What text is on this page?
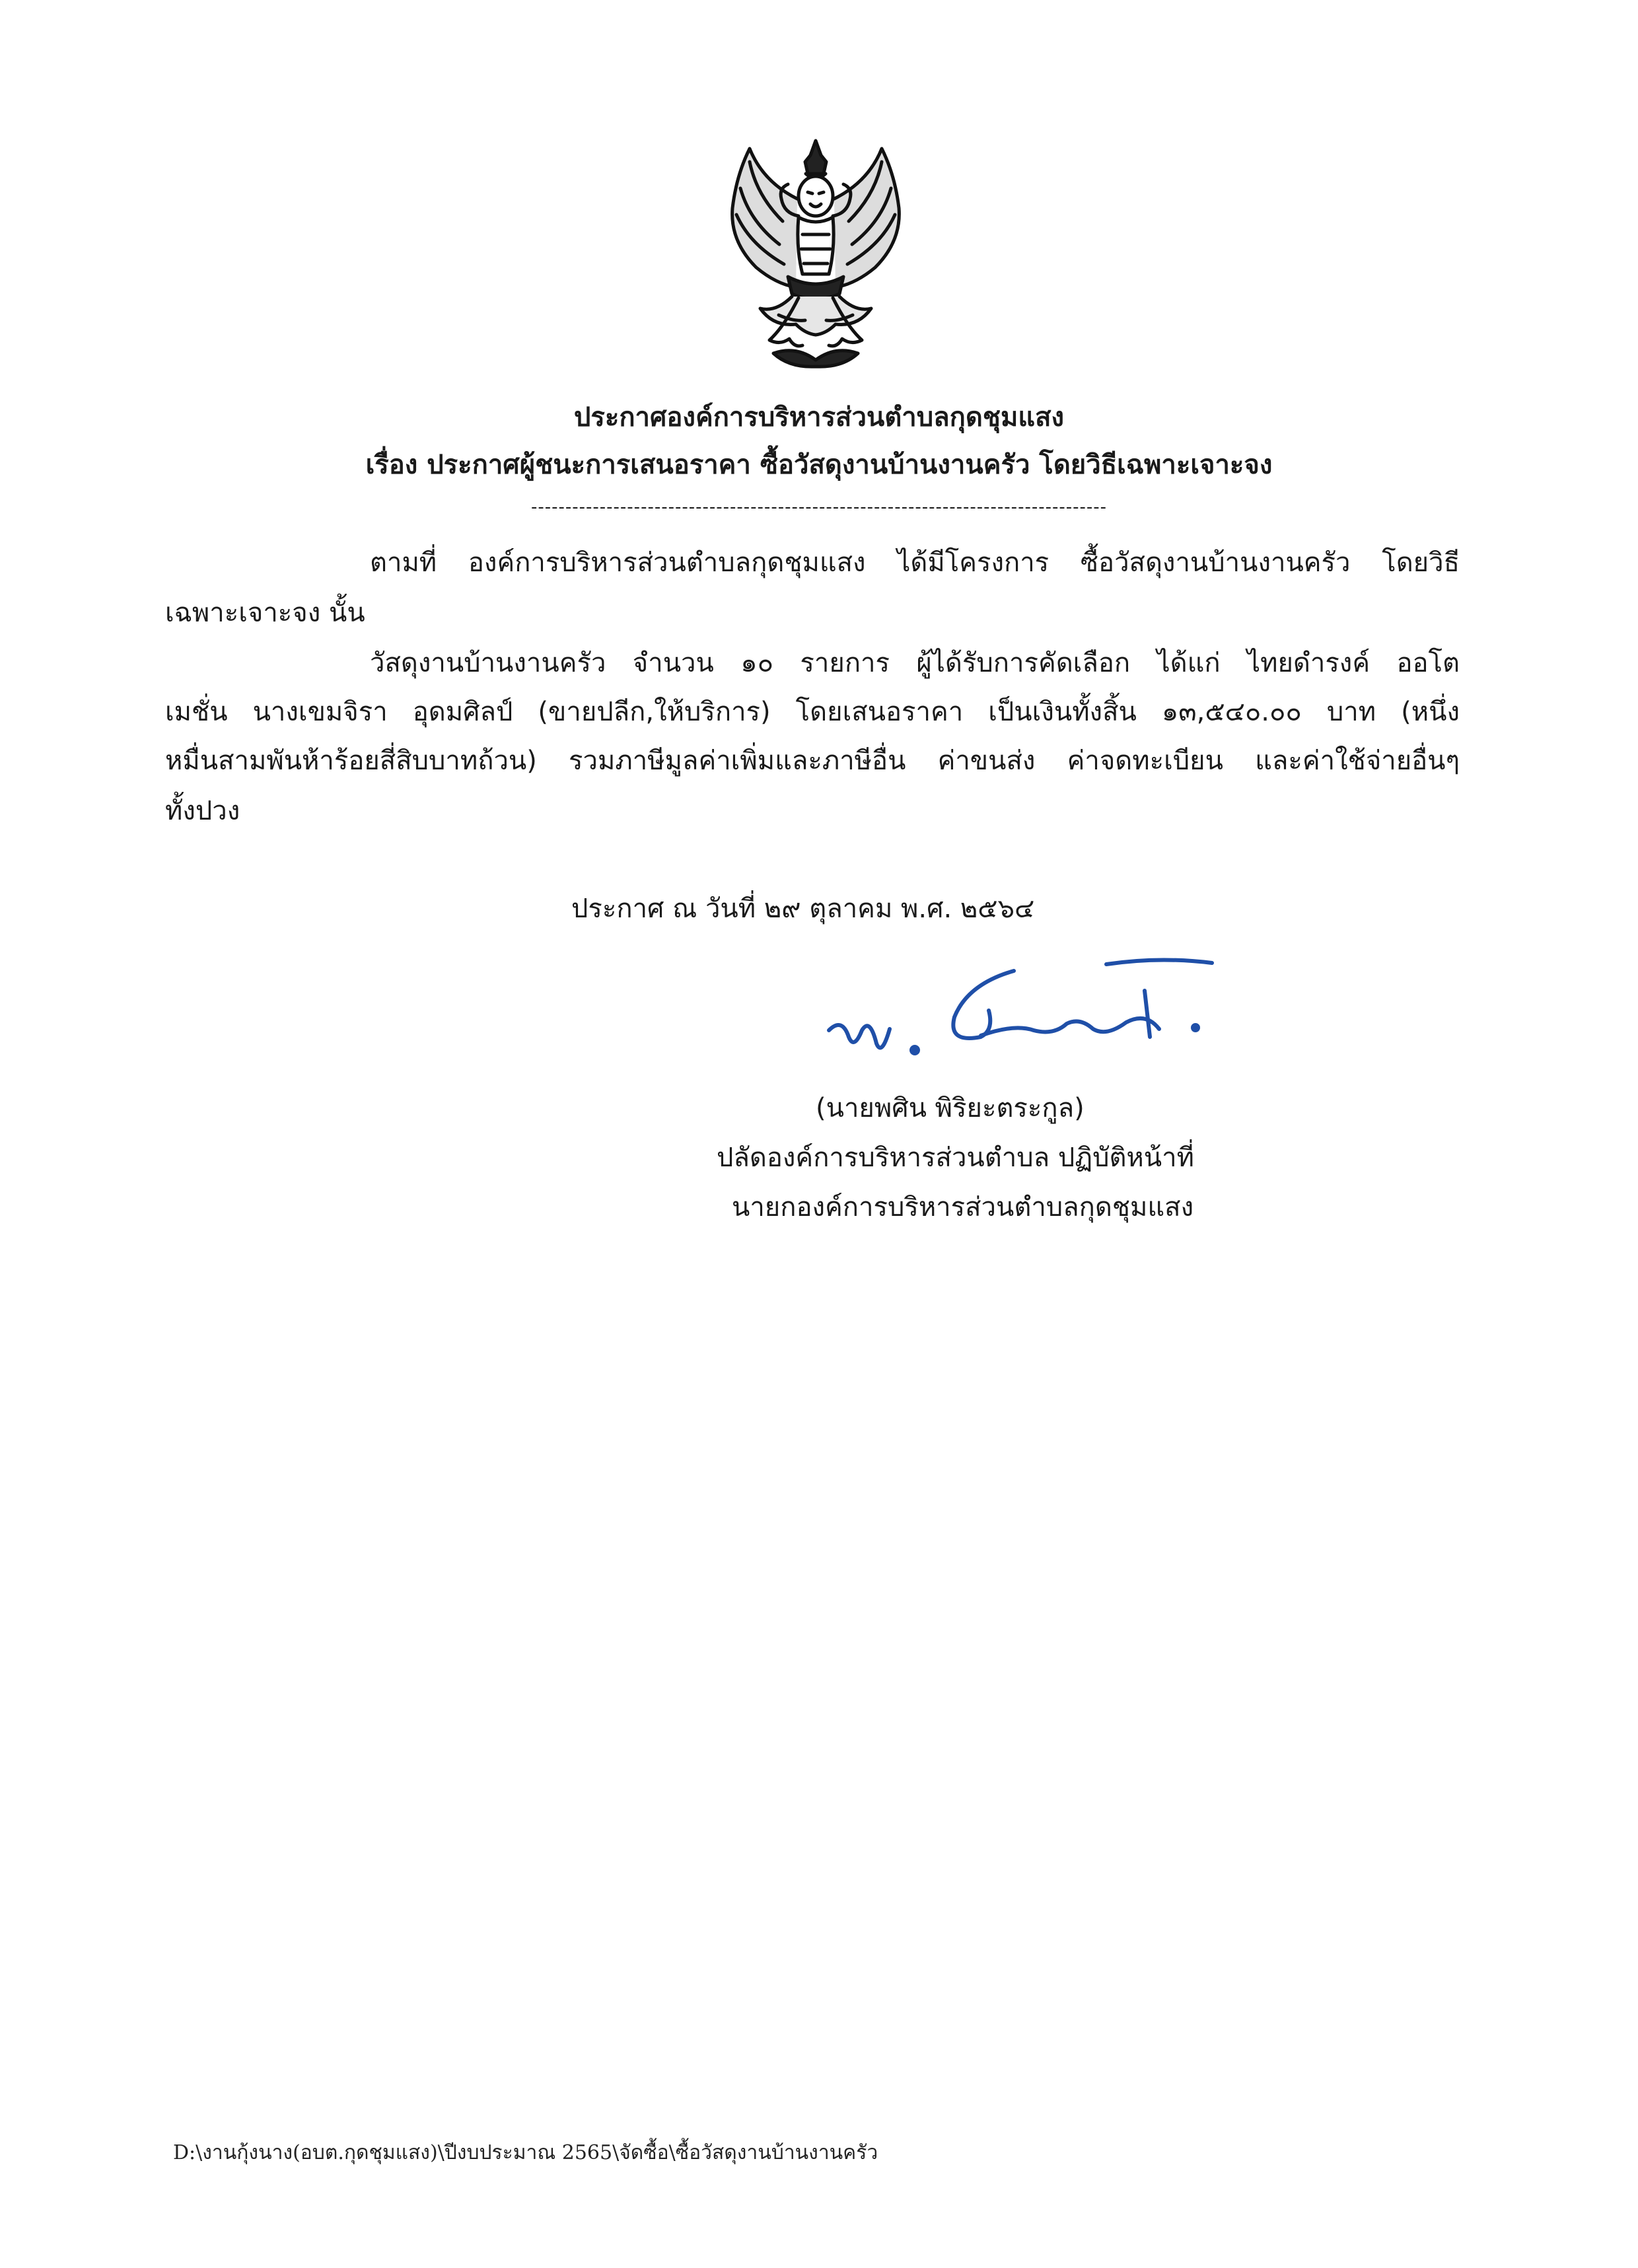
ประกาศองค์การบริหารส่วนตำบลกุดชุมแสง
เรื่อง ประกาศผู้ชนะการเสนอราคา ซื้อวัสดุงานบ้านงานครัว โดยวิธีเฉพาะเจาะจง
------------------------------------------------------------------------------------
ตามที่ องค์การบริหารส่วนตำบลกุดชุมแสง ได้มีโครงการ ซื้อวัสดุงานบ้านงานครัว โดยวิธี
เฉพาะเจาะจง นั้น
วัสดุงานบ้านงานครัว จำนวน ๑๐ รายการ ผู้ได้รับการคัดเลือก ได้แก่ ไทยดำรงค์ ออโต
เมชั่น นางเขมจิรา อุดมศิลป์ (ขายปลีก,ให้บริการ) โดยเสนอราคา เป็นเงินทั้งสิ้น ๑๓,๕๔๐.๐๐ บาท (หนึ่ง
หมื่นสามพันห้าร้อยสี่สิบบาทถ้วน) รวมภาษีมูลค่าเพิ่มและภาษีอื่น ค่าขนส่ง ค่าจดทะเบียน และค่าใช้จ่ายอื่นๆ
ทั้งปวง
ประกาศ ณ วันที่ ๒๙ ตุลาคม พ.ศ. ๒๕๖๔
(นายพศิน พิริยะตระกูล)
ปลัดองค์การบริหารส่วนตำบล ปฏิบัติหน้าที่
นายกองค์การบริหารส่วนตำบลกุดชุมแสง
D:\งานกุ้งนาง(อบต.กุดชุมแสง)\ปีงบประมาณ 2565\จัดซื้อ\ซื้อวัสดุงานบ้านงานครัว
